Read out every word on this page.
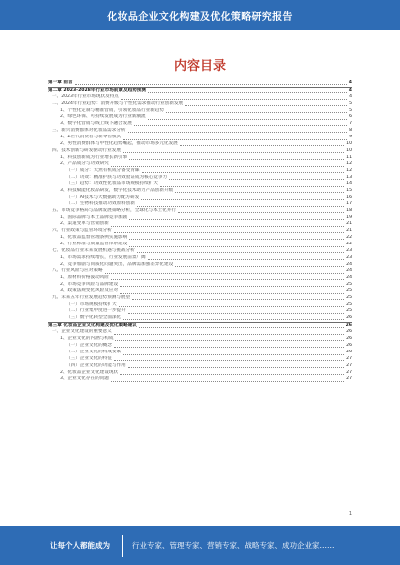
化妆品企业文化构建及优化策略研究报告
内容目录
第一章 前言	4
第二章 2023-2028年行业市场前景及趋势预测	4
一、2023年行业市场现状及特点	4
二、2024年行业趋势：消费升级与个性化需求推动行业创新发展	5
1、个性化定制与精准营销，引领化妆品行业新趋势	5
2、绿色环保、可持续发展成为行业新潮流	6
3、数字化营销与线上线下融合发展	7
三、新兴消费群体对化妆品需求分析	8
1、Z世代消费者与新零售模式	9
2、男性消费群体与中性化趋势崛起，推动市场多元化发展	10
四、技术创新与研发驱动行业发展	10
1、科技创新成为行业增长新引擎	11
2、产品成分与功效研究	12
（一）成分：天然有机成分备受青睐	12
（二）功效：精准护肤与功效验证成为核心竞争力	13
（三）趋势：功效性化妆品市场规模持续扩大	14
3、科技赋能化妆品研发，数字化技术助力产品创新升级	15
（一）AI技术与大数据助力配方研发	16
（二）生物科技推动功效原料创新	17
五、市场竞争格局与品牌发展策略分析，全球化与本土化并行	18
1、国际品牌与本土品牌竞争加剧	19
2、渠道变革与营销创新	21
六、行业政策与监管环境分析	21
1、化妆品监督管理条例实施影响	22
2、行业标准与质量监管体系建设	22
七、化妆品行业未来发展机遇与挑战分析	23
1、市场需求持续增长，行业发展前景广阔	23
2、竞争加剧与同质化问题突出，品牌需加强差异化建设	24
八、行业风险与应对策略	24
1、原材料价格波动风险	24
2、市场竞争风险与品牌建设	25
3、政策法规变化风险及应对	25
九、未来五年行业发展趋势预测与展望	25
（一）市场规模持续扩大	25
（二）行业集中度进一步提升	25
（三）数字化转型全面深化	26
第三章 化妆品企业文化构建及优化策略建议	26
一、企业文化建设的重要意义	26
1、企业文化的内涵与构成	26
（一）企业文化的概念	26
（二）企业文化的构成要素	26
（三）企业文化的特征	27
（四）企业文化的功能与作用	27
2、化妆品企业文化建设现状	27
3、企业文化存在的问题	27
1
让每个人都能成为	行业专家、管理专家、营销专家、战略专家、成功企业家……
